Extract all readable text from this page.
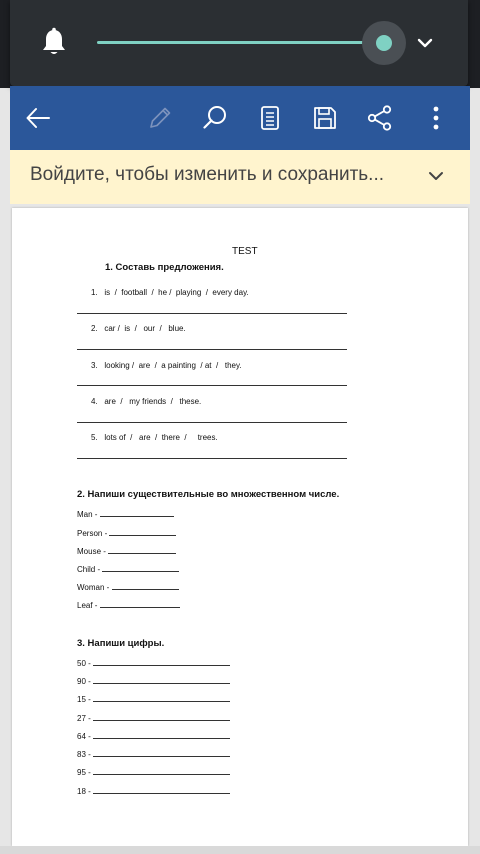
Войдите, чтобы изменить и сохранить...
TEST
1. Составь предложения.
1.   is  /  football  /  he /  playing  /  every day.
2.   car /  is  /   our  /   blue.
3.   looking /  are  /  a painting  / at  /   they.
4.   are  /   my friends  /   these.
5.   lots of  /   are  /  there  /     trees.
2. Напиши существительные во множественном числе.
Man -
Person -
Mouse -
Child -
Woman -
Leaf -
3. Напиши цифры.
50 -
90 -
15 -
27 -
64 -
83 -
95 -
18 -
